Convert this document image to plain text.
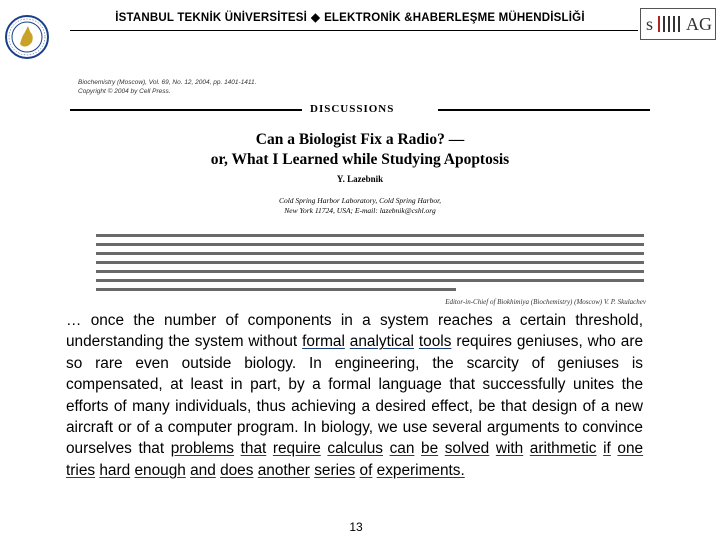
İSTANBUL TEKNİK ÜNİVERSİTESİ ◆ ELEKTRONİK &HABERLEŞME MÜHENDİSLİĞİ	s AG
Biochemistry (Moscow), Vol. 69, No. 12, 2004, pp. 1401-1411.
Copyright © 2004 by Cell Press.
DISCUSSIONS
Can a Biologist Fix a Radio? —
or, What I Learned while Studying Apoptosis
Y. Lazebnik
Cold Spring Harbor Laboratory, Cold Spring Harbor,
New York 11724, USA; E-mail: lazebnik@cshl.org
Editor-in-Chief of Biokhimiya (Biochemistry) (Moscow) V. P. Skulachev
… once the number of components in a system reaches a certain threshold, understanding the system without formal analytical tools requires geniuses, who are so rare even outside biology. In engineering, the scarcity of geniuses is compensated, at least in part, by a formal language that successfully unites the efforts of many individuals, thus achieving a desired effect, be that design of a new aircraft or of a computer program. In biology, we use several arguments to convince ourselves that problems that require calculus can be solved with arithmetic if one tries hard enough and does another series of experiments.
13
